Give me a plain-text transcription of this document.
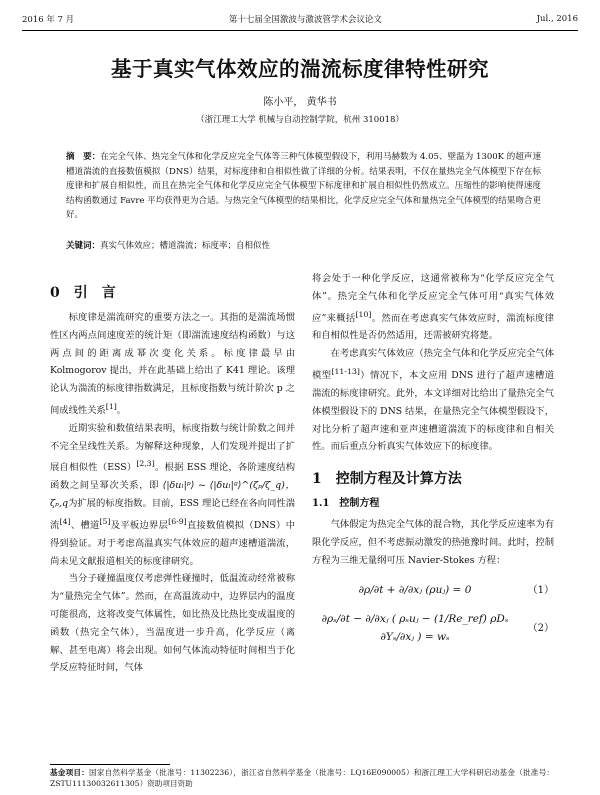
2016 年 7 月	第十七届全国激波与激波管学术会议论文	Jul., 2016
基于真实气体效应的湍流标度律特性研究
陈小平， 黄华书
（浙江理工大学 机械与自动控制学院，杭州 310018）
摘　要：在完全气体、热完全气体和化学反应完全气体等三种气体模型假设下，利用马赫数为 4.05、壁温为 1300K 的超声速槽道湍流的直接数值模拟（DNS）结果，对标度律和自相似性做了详细的分析。结果表明，不仅在量热完全气体模型下存在标度律和扩展自相似性，而且在热完全气体和化学反应完全气体模型下标度律和扩展自相似性仍然成立。压缩性的影响使得速度结构函数通过 Favre 平均获得更为合适。与热完全气体模型的结果相比，化学反应完全气体和量热完全气体模型的结果吻合更好。
关键词：真实气体效应；槽道湍流；标度率；自相似性
0　引　言

标度律是湍流研究的重要方法之一。其指的是湍流场惯性区内两点间速度差的统计矩（即湍流速度结构函数）与这两点间的距离成幂次变化关系。标度律最早由 Kolmogorov 提出，并在此基础上给出了 K41 理论。该理论认为湍流的标度律指数满足，且标度指数与统计阶次 p 之间成线性关系[1]。

近期实验和数值结果表明，标度指数与统计阶数之间并不完全呈线性关系。为解释这种现象，人们发现并提出了扩展自相似性（ESS）[2,3]。根据 ESS 理论，各阶速度结构函数之间呈幂次关系，即 ⟨|δuₗ|ᵖ⟩ ~ ⟨|δuₗ|ᵍ⟩^(ζₚ/ζ_q)，ζₚ,q为扩展的标度指数。目前，ESS 理论已经在各向同性湍流[4]、槽道[5]及平板边界层[6-9]直接数值模拟（DNS）中得到验证。对于考虑高温真实气体效应的超声速槽道湍流，尚未见文献报道相关的标度律研究。

当分子碰撞温度仅考虑弹性碰撞时，低温流动经常被称为“量热完全气体”。然而，在高温流动中，边界层内的温度可能很高，这将改变气体属性，如比热及比热比变成温度的函数（热完全气体），当温度进一步升高，化学反应（离解、甚至电离）将会出现。如何气体流动特征时间相当于化学反应特征时间，气体

将会处于一种化学反应，这通常被称为“化学反应完全气体”。热完全气体和化学反应完全气体可用“真实气体效应”来概括[10]。然而在考虑真实气体效应时，湍流标度律和自相似性是否仍然适用，还需被研究将楚。

在考虑真实气体效应（热完全气体和化学反应完全气体模型[11-13]）情况下，本文应用 DNS 进行了超声速槽道湍流的标度律研究。此外，本文详细对比给出了量热完全气体模型假设下的 DNS 结果，在量热完全气体模型假设下，对比分析了超声速和亚声速槽道湍流下的标度律和自相关性。而后重点分析真实气体效应下的标度律。

1　控制方程及计算方法
1.1　控制方程

气体假定为热完全气体的混合物，其化学反应速率为有限化学反应，但不考虑振动激发的热弛豫时间。此时，控制方程为三维无量纲可压 Navier-Stokes 方程：

∂ρ/∂t + ∂/∂xⱼ (ρuⱼ) = 0	（1）
∂ρₛ/∂t − ∂/∂xⱼ ( ρₛuⱼ − (1/Re_ref) ρDₛ ∂Yₛ/∂xⱼ ) = wₛ
（2）
基金项目：国家自然科学基金（批准号：11302236），浙江省自然科学基金（批准号：LQ16E090005）和浙江理工大学科研启动基金（批准号：ZSTU11130032611305）资助项目资助
